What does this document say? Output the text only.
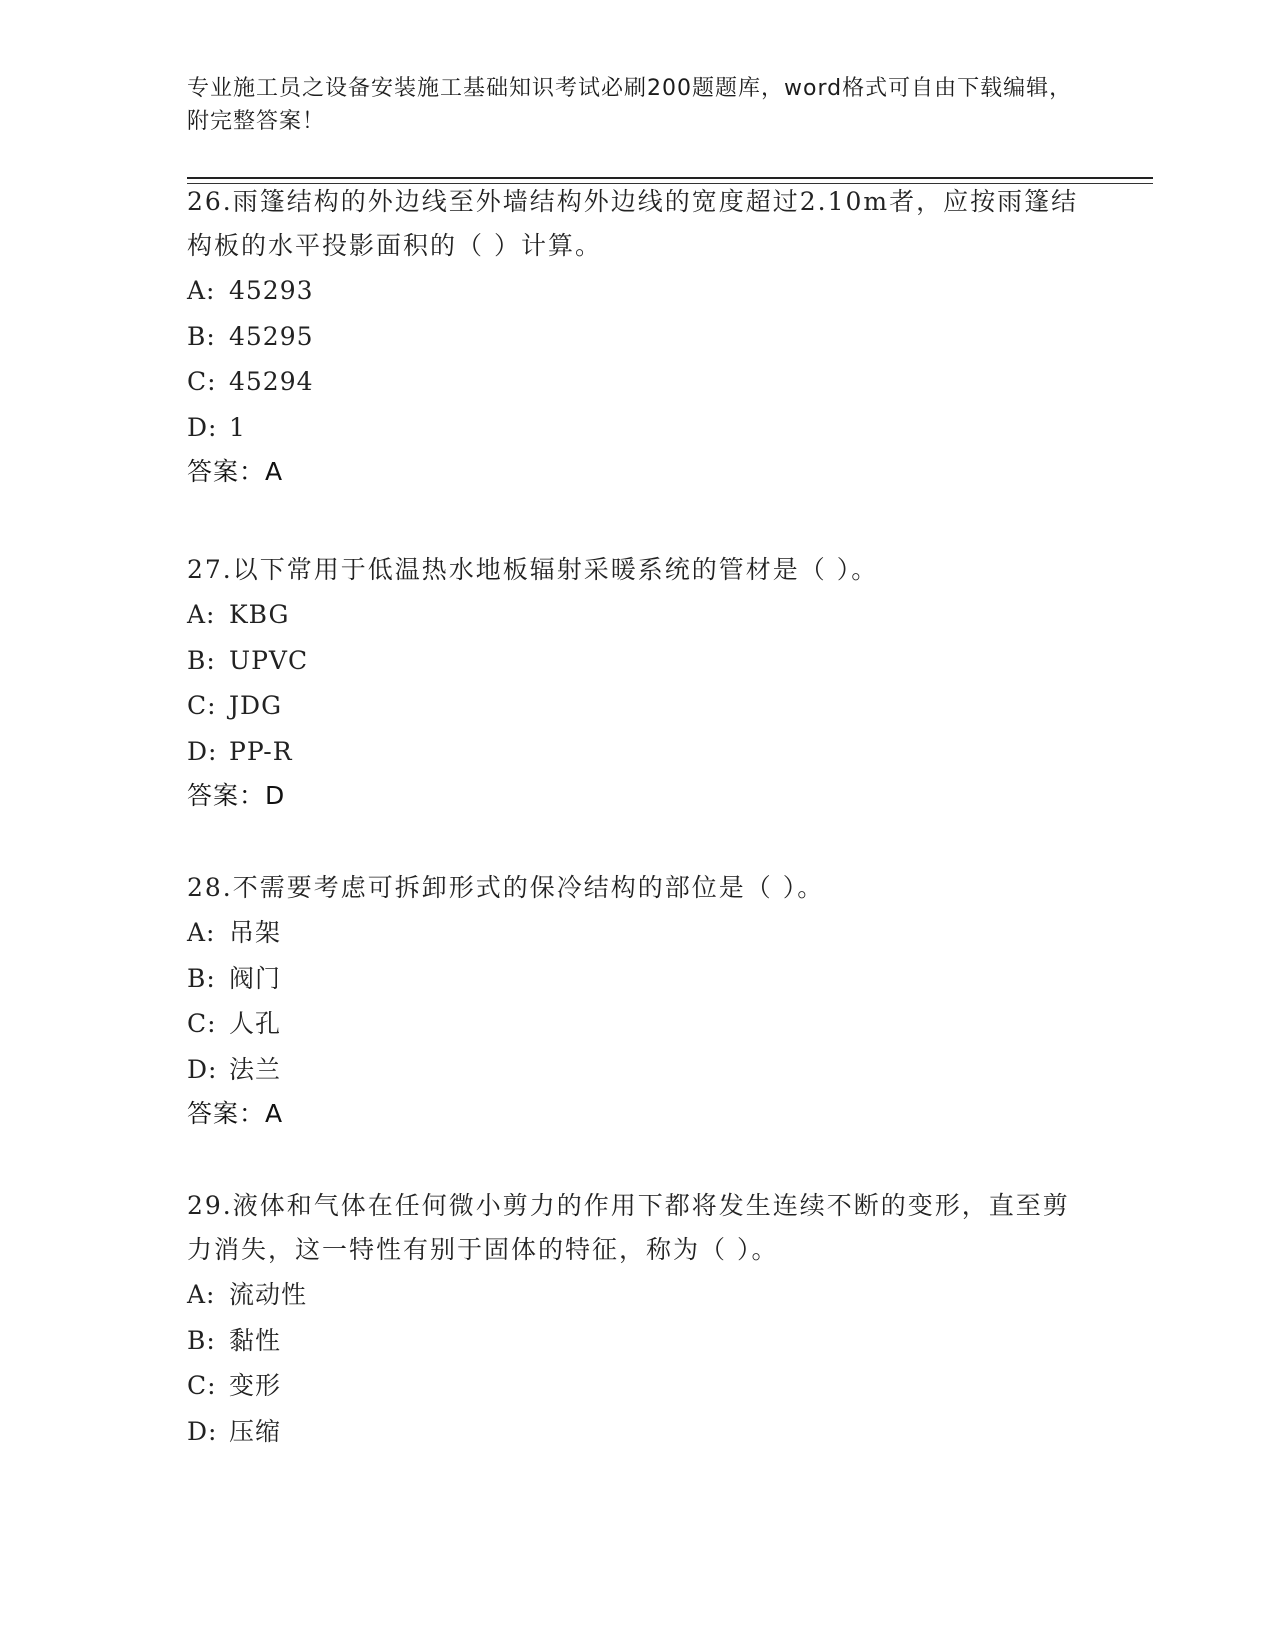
专业施工员之设备安装施工基础知识考试必刷200题题库，word格式可自由下载编辑，附完整答案！

26.雨篷结构的外边线至外墙结构外边线的宽度超过2.10m者，应按雨篷结构板的水平投影面积的（ ）计算。

A: 45293
B: 45295
C: 45294
D: 1
答案：A

27.以下常用于低温热水地板辐射采暖系统的管材是（ ）。

A: KBG
B: UPVC
C: JDG
D: PP-R
答案：D

28.不需要考虑可拆卸形式的保冷结构的部位是（ ）。

A: 吊架
B: 阀门
C: 人孔
D: 法兰
答案：A

29.液体和气体在任何微小剪力的作用下都将发生连续不断的变形，直至剪力消失，这一特性有别于固体的特征，称为（ ）。

A: 流动性
B: 黏性
C: 变形
D: 压缩
